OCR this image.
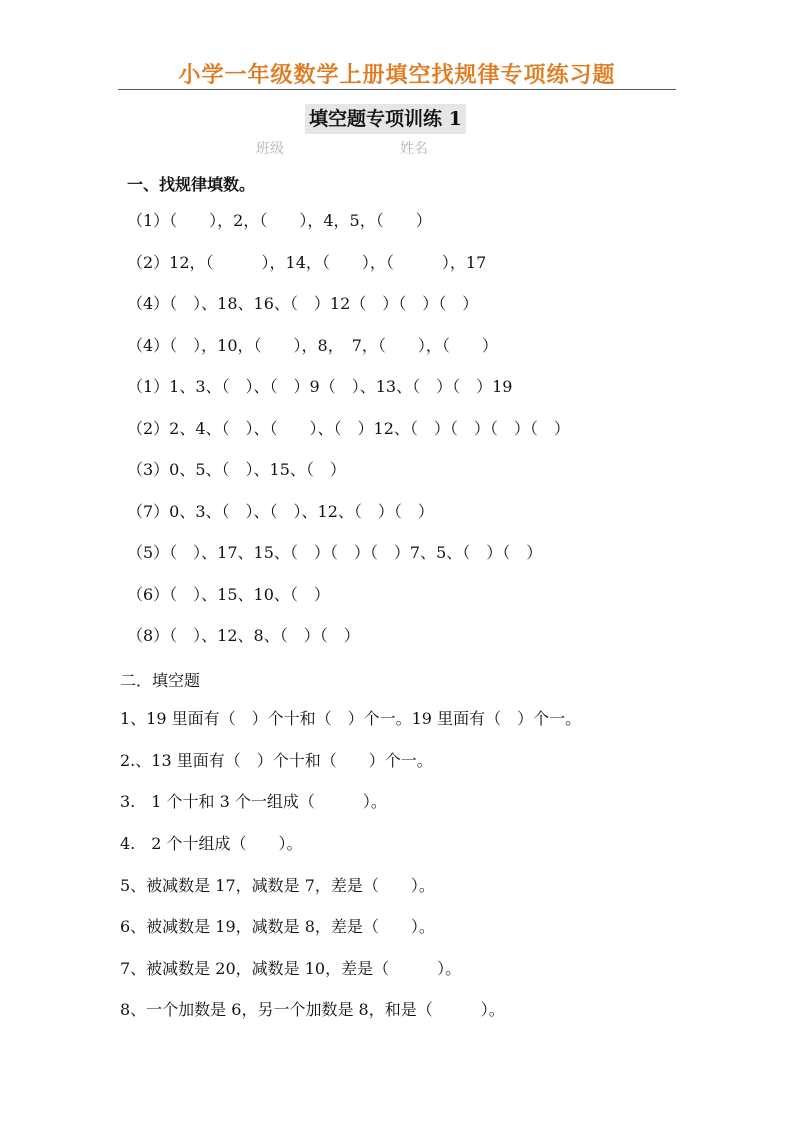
小学一年级数学上册填空找规律专项练习题
填空题专项训练 1
班级	姓名
一、找规律填数。
（1）（　　），2，（　　），4，5，（　　）
（2）12，（　　　），14，（　　），（　　　），17
（4）（　）、18、16、（　）12（　）（　）（　）
（4）（　），10，（　　），8，　7，（　　），（　　）
（1）1、3、（　）、（　）9（　）、13、（　）（　）19
（2）2、4、（　）、（　　）、（　）12、（　）（　）（　）（　）
（3）0、5、（　）、15、（　）
（7）0、3、（　）、（　）、12、（　）（　）
（5）（　）、17、15、（　）（　）（　）7、5、（　）（　）
（6）（　）、15、10、（　）
（8）（　）、12、8、（　）（　）
二．填空题
1、19 里面有（　）个十和（　）个一。19 里面有（　）个一。
2.、13 里面有（　）个十和（　　）个一。
3.　1 个十和 3 个一组成（　　　）。
4.　2 个十组成（　　）。
5、被减数是 17，减数是 7，差是（　　）。
6、被减数是 19，减数是 8，差是（　　）。
7、被减数是 20，减数是 10，差是（　　　）。
8、一个加数是 6，另一个加数是 8，和是（　　　）。
